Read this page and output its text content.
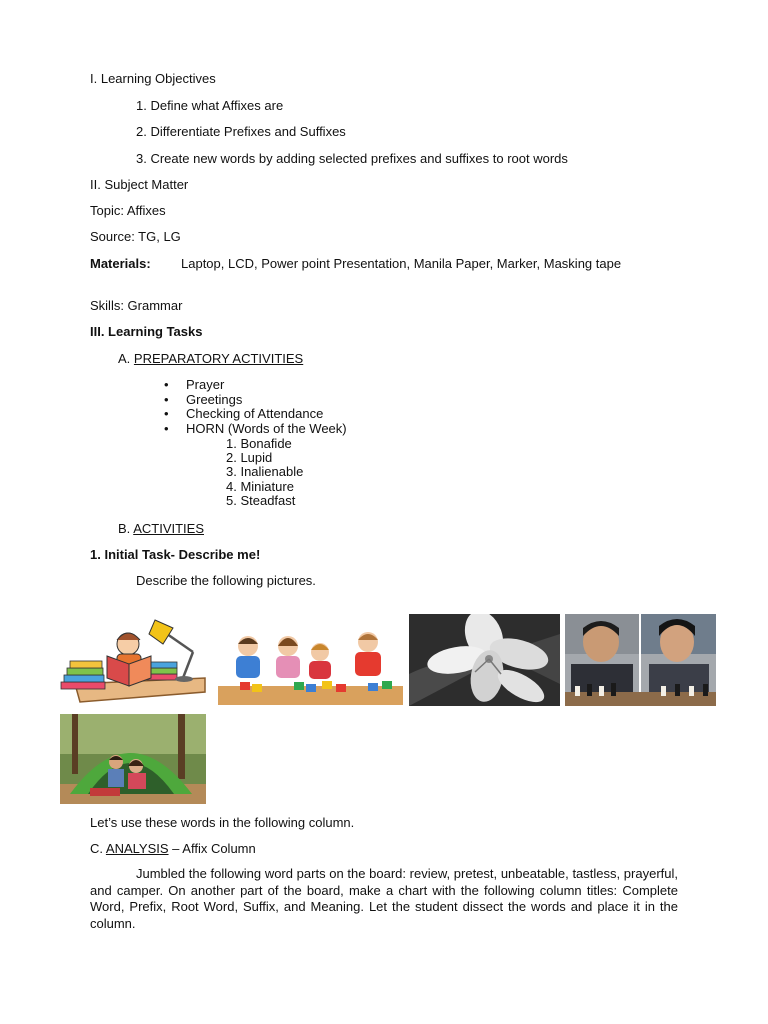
I. Learning Objectives
1. Define what Affixes are
2. Differentiate Prefixes and Suffixes
3. Create new words by adding selected prefixes and suffixes to root words
II. Subject Matter
Topic: Affixes
Source: TG, LG
Materials: Laptop, LCD, Power point Presentation, Manila Paper, Marker, Masking tape
Skills: Grammar
III. Learning Tasks
A. PREPARATORY ACTIVITIES
• Prayer
• Greetings
• Checking of Attendance
• HORN (Words of the Week)
1. Bonafide
2. Lupid
3. Inalienable
4. Miniature
5. Steadfast
B. ACTIVITIES
1. Initial Task- Describe me!
Describe the following pictures.
Let’s use these words in the following column.
C. ANALYSIS – Affix Column
Jumbled the following word parts on the board: review, pretest, unbeatable, tastless, prayerful, and camper. On another part of the board, make a chart with the following column titles: Complete Word, Prefix, Root Word, Suffix, and Meaning. Let the student dissect the words and place it in the column.
